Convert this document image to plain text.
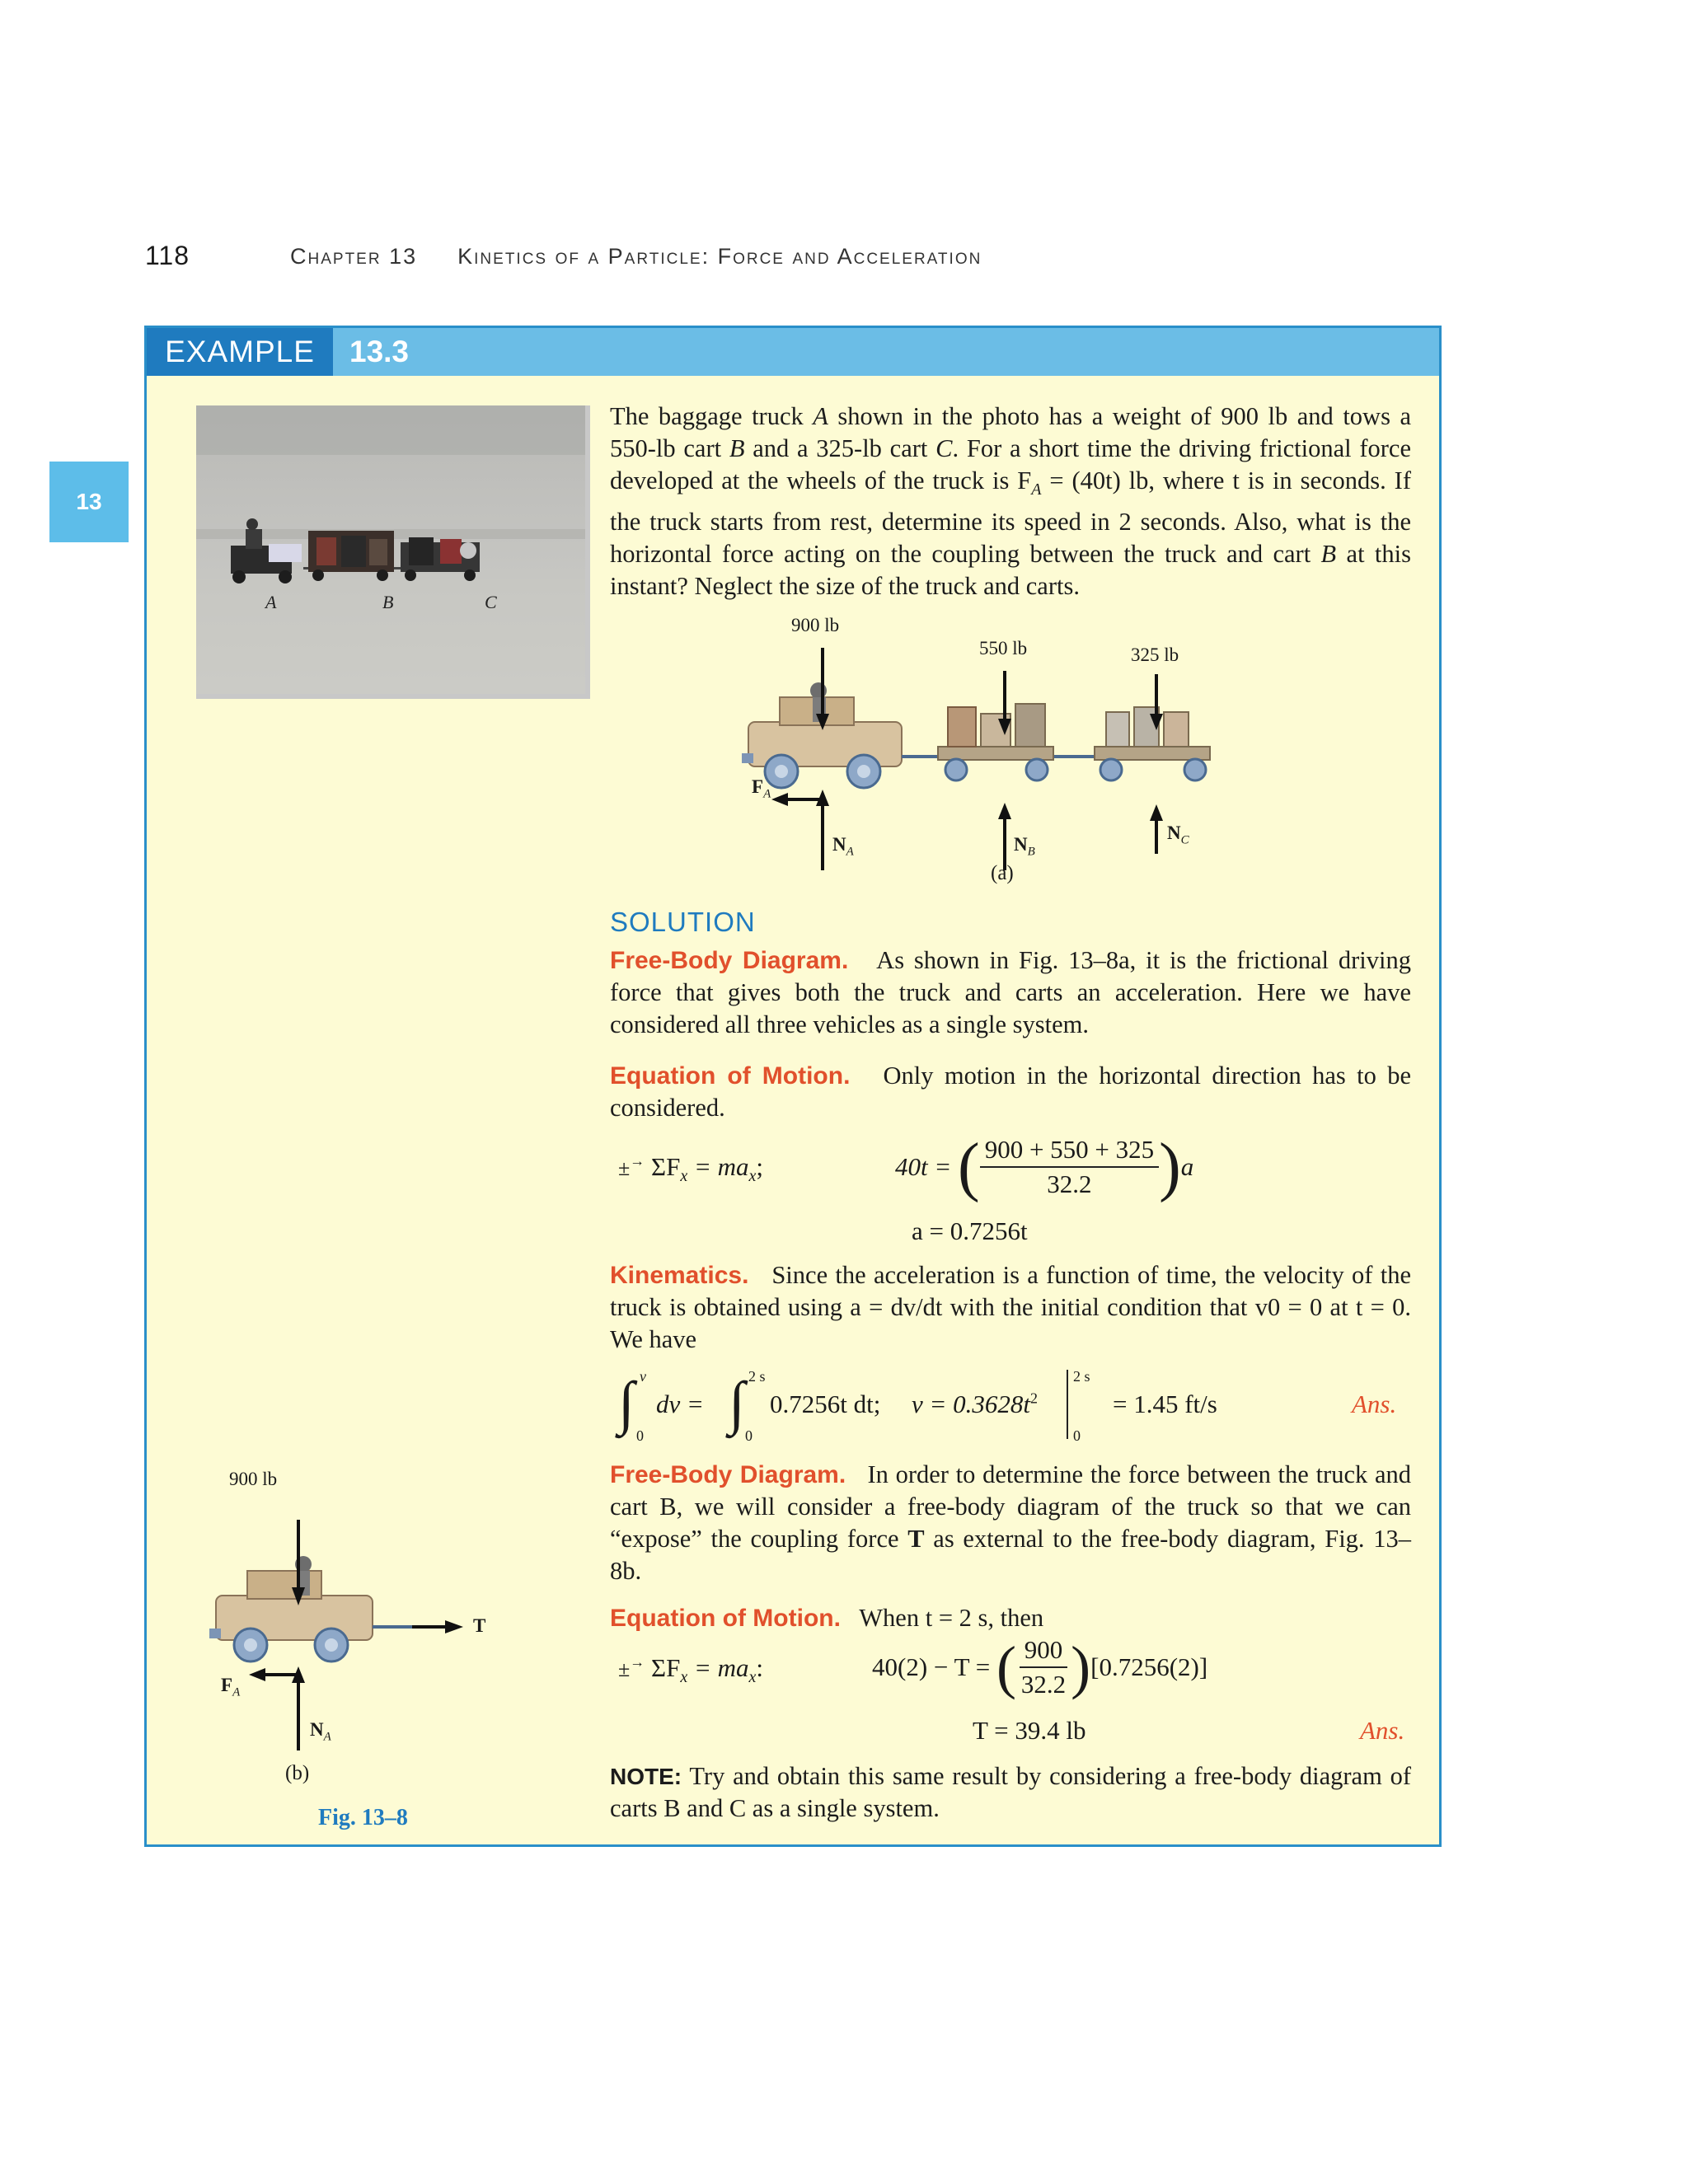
118	Chapter 13 Kinetics of a Particle: Force and Acceleration
13
EXAMPLE	13.3
A	B	C
The baggage truck A shown in the photo has a weight of 900 lb and tows a 550-lb cart B and a 325-lb cart C. For a short time the driving frictional force developed at the wheels of the truck is $F_A = (40t)$ lb, where t is in seconds. If the truck starts from rest, determine its speed in 2 seconds. Also, what is the horizontal force acting on the coupling between the truck and cart B at this instant? Neglect the size of the truck and carts.
900 lb
550 lb	325 lb
$F_A$
$N_A$	$N_B$
$N_C$
(a)
SOLUTION
Free-Body Diagram. As shown in Fig. 13–8a, it is the frictional driving force that gives both the truck and carts an acceleration. Here we have considered all three vehicles as a single system.
Equation of Motion. Only motion in the horizontal direction has to be considered.
±→ $\Sigma F_x = ma_x$;	40t =
( $\frac{900 + 550 + 325}{32.2}$ ) a
a = 0.7256t
Kinematics. Since the acceleration is a function of time, the velocity of the truck is obtained using a = dv/dt with the initial condition that v0 = 0 at t = 0. We have
∫ v
0
dv = ∫ 2 s
0
0.7256t dt; $v = 0.3628t^2$
2 s
0
= 1.45 ft/s	Ans.
Free-Body Diagram. In order to determine the force between the truck and cart B, we will consider a free-body diagram of the truck so that we can “expose” the coupling force T as external to the free-body diagram, Fig. 13–8b.
Equation of Motion. When t = 2 s, then
±→ $\Sigma F_x = ma_x$:	40(2) − T =
( $\frac{900}{32.2}$ ) [0.7256(2)]
T = 39.4 lb	Ans.
NOTE: Try and obtain this same result by considering a free-body diagram of carts B and C as a single system.
900 lb
T
$F_A$
$N_A$
(b)
Fig. 13–8
